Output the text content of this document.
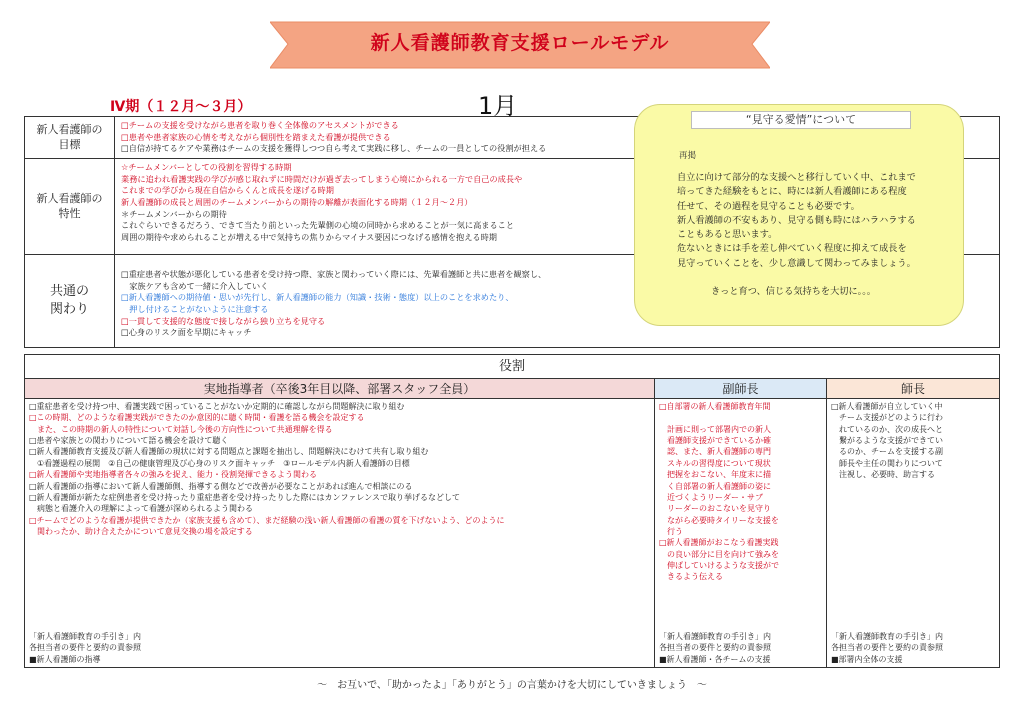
新人看護師教育支援ロールモデル
Ⅳ期（１２月～３月）	1月
新人看護師の
目標
□チームの支援を受けながら患者を取り巻く全体像のアセスメントができる
□患者や患者家族の心情を考えながら個別性を踏まえた看護が提供できる
□自信が持てるケアや業務はチームの支援を獲得しつつ自ら考えて実践に移し、チームの一員としての役割が担える
新人看護師の
特性
☆チームメンバーとしての役割を習得する時期
業務に追われ看護実践の学びが感じ取れずに時間だけが過ぎ去ってしまう心境にかられる一方で自己の成長や
これまでの学びから現在自信からくんと成長を遂げる時期
新人看護師の成長と周囲のチームメンバーからの期待の解離が表面化する時期（１２月～２月）
＊チームメンバーからの期待
これぐらいできるだろう、できて当たり前といった先輩側の心境の同時から求めることが一気に高まること
周囲の期待や求められることが増える中で気持ちの焦りからマイナス要因につなげる感情を抱える時期
共通の
関わり
□重症患者や状態が悪化している患者を受け持つ際、家族と関わっていく際には、先輩看護師と共に患者を観察し、
　家族ケアも含めて一緒に介入していく
□新人看護師への期待値・思いが先行し、新人看護師の能力（知識・技術・態度）以上のことを求めたり、
　押し付けることがないように注意する
□一貫して支援的な態度で接しながら独り立ちを見守る
□心身のリスク面を早期にキャッチ
“見守る愛情”について
再掲
自立に向けて部分的な支援へと移行していく中、これまで
培ってきた経験をもとに、時には新人看護師にある程度
任せて、その過程を見守ることも必要です。
新人看護師の不安もあり、見守る側も時にはハラハラする
こともあると思います。
危ないときには手を差し伸べていく程度に抑えて成長を
見守っていくことを、少し意識して関わってみましょう。
きっと育つ、信じる気持ちを大切に。。。
役割
実地指導者（卒後3年目以降、部署スタッフ全員）	副師長	師長
□重症患者を受け持つ中、看護実践で困っていることがないか定期的に確認しながら問題解決に取り組む
□この時期、どのような看護実践ができたのか意図的に聴く時間・看護を語る機会を設定する
　また、この時期の新人の特性について対話し今後の方向性について共通理解を得る
□患者や家族との関わりについて語る機会を設けて聴く
□新人看護師教育支援及び新人看護師の現状に対する問題点と課題を抽出し、問題解決にむけて共有し取り組む
　①看護過程の展開　②自己の健康管理及び心身のリスク面キャッチ　③ロールモデル内新人看護師の目標
□新人看護師や実地指導者各々の強みを捉え、能力・役割発揮できるよう関わる
□新人看護師の指導において新人看護師側、指導する側などで改善が必要なことがあれば進んで相談にのる
□新人看護師が新たな症例患者を受け持ったり重症患者を受け持ったりした際にはカンファレンスで取り挙げるなどして
　病態と看護介入の理解によって看護が深められるよう関わる
□チームでどのような看護が提供できたか（家族支援も含めて）、まだ経験の浅い新人看護師の看護の質を下げないよう、どのように
　関わったか、助け合えたかについて意見交換の場を設定する
「新人看護師教育の手引き」内
各担当者の要件と要約の責参照
■新人看護師の指導
□自部署の新人看護師教育年間

　計画に則って部署内での新人
　看護師支援ができているか確
　認、また、新人看護師の専門
　スキルの習得度について現状
　把握をおこない、年度末に描
　く自部署の新人看護師の姿に
　近づくようリーダー・サブ
　リーダーのおこないを見守り
　ながら必要時タイリーな支援を
　行う
□新人看護師がおこなう看護実践
　の良い部分に目を向けて強みを
　伸ばしていけるような支援がで
　きるよう伝える
「新人看護師教育の手引き」内
各担当者の要件と要約の責参照
■新人看護師・各チームの支援
□新人看護師が自立していく中
　チーム支援がどのように行わ
　れているのか、次の成長へと
　繋がるような支援ができてい
　るのか、チームを支援する副
　師長や主任の関わりについて
　注視し、必要時、助言する
「新人看護師教育の手引き」内
各担当者の要件と要約の責参照
■部署内全体の支援
～　お互いで、「助かったよ」「ありがとう」の言葉かけを大切にしていきましょう　～
